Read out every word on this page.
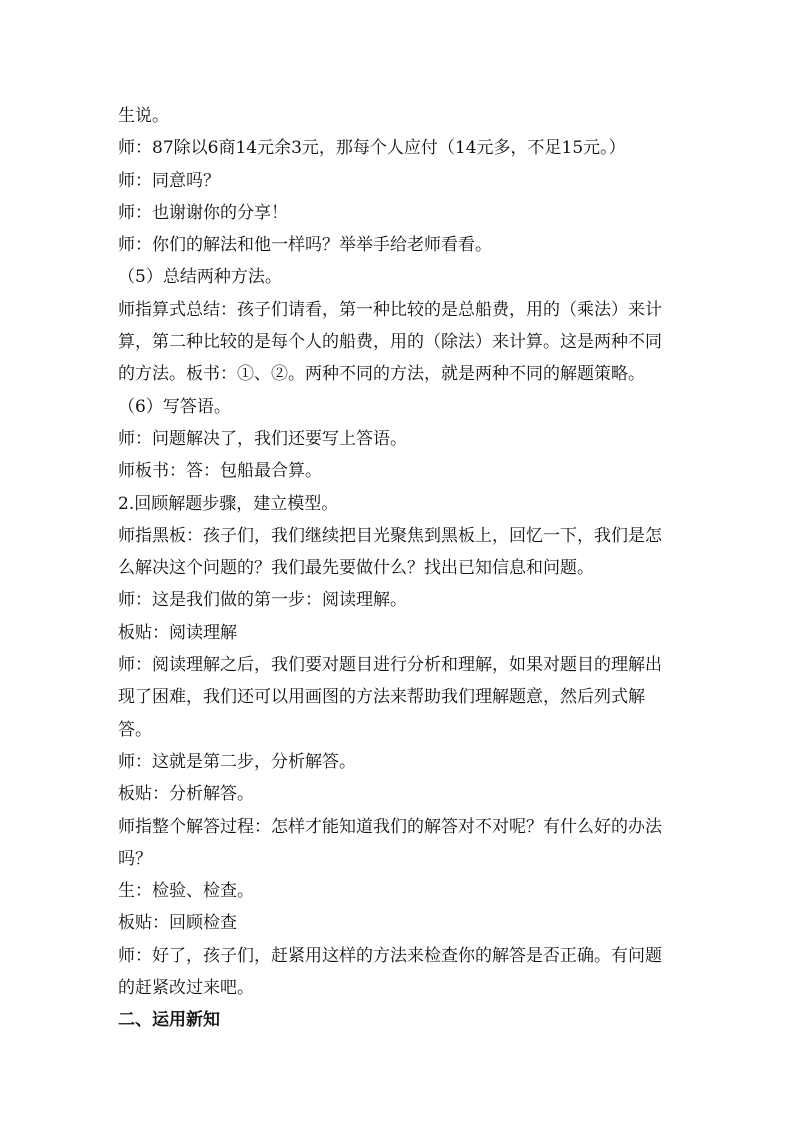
生说。

师：87除以6商14元余3元，那每个人应付（14元多，不足15元。）

师：同意吗？

师：也谢谢你的分享！

师：你们的解法和他一样吗？举举手给老师看看。

（5）总结两种方法。

师指算式总结：孩子们请看，第一种比较的是总船费，用的（乘法）来计算，第二种比较的是每个人的船费，用的（除法）来计算。这是两种不同的方法。板书：①、②。两种不同的方法，就是两种不同的解题策略。

（6）写答语。

师：问题解决了，我们还要写上答语。

师板书：答：包船最合算。

2.回顾解题步骤，建立模型。

师指黑板：孩子们，我们继续把目光聚焦到黑板上，回忆一下，我们是怎么解决这个问题的？我们最先要做什么？找出已知信息和问题。

师：这是我们做的第一步：阅读理解。

板贴：阅读理解

师：阅读理解之后，我们要对题目进行分析和理解，如果对题目的理解出现了困难，我们还可以用画图的方法来帮助我们理解题意，然后列式解答。

师：这就是第二步，分析解答。

板贴：分析解答。

师指整个解答过程：怎样才能知道我们的解答对不对呢？有什么好的办法吗？

生：检验、检查。

板贴：回顾检查

师：好了，孩子们，赶紧用这样的方法来检查你的解答是否正确。有问题的赶紧改过来吧。

二、运用新知
